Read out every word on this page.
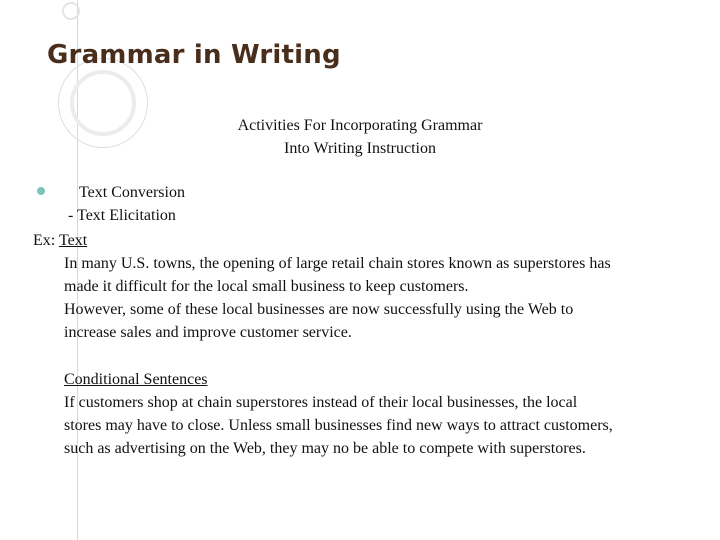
Grammar in Writing
Activities For Incorporating Grammar
Into Writing Instruction
Text Conversion
- Text Elicitation
Ex: Text
In many U.S. towns, the opening of large retail chain stores known as superstores has
made it difficult for the local small business to keep customers.
However, some of these local businesses are now successfully using the Web to
increase sales and improve customer service.
Conditional Sentences
If customers shop at chain superstores instead of their local businesses, the local
stores may have to close. Unless small businesses find new ways to attract customers,
such as advertising on the Web, they may no be able to compete with superstores.
